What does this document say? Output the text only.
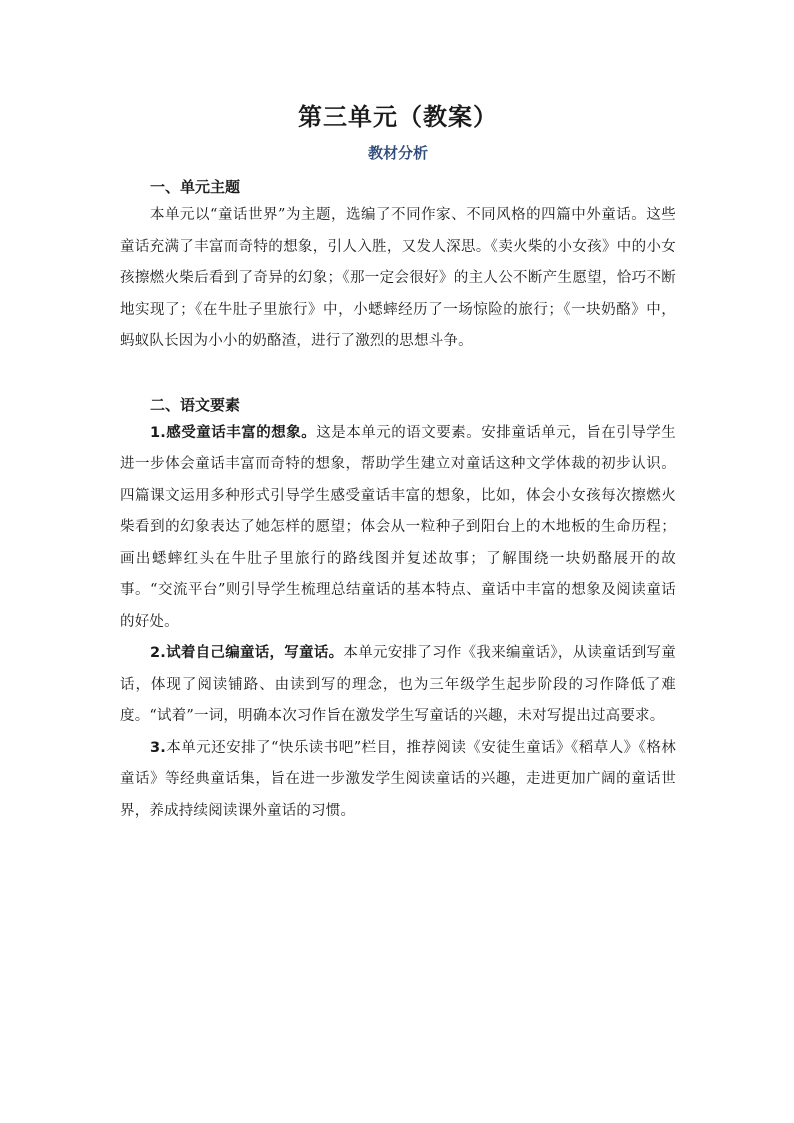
第三单元（教案）
教材分析
一、单元主题

本单元以“童话世界”为主题，选编了不同作家、不同风格的四篇中外童话。这些童话充满了丰富而奇特的想象，引人入胜，又发人深思。《卖火柴的小女孩》中的小女孩擦燃火柴后看到了奇异的幻象；《那一定会很好》的主人公不断产生愿望，恰巧不断地实现了；《在牛肚子里旅行》中，小蟋蟀经历了一场惊险的旅行；《一块奶酪》中，蚂蚁队长因为小小的奶酪渣，进行了激烈的思想斗争。

二、语文要素

1.感受童话丰富的想象。这是本单元的语文要素。安排童话单元，旨在引导学生进一步体会童话丰富而奇特的想象，帮助学生建立对童话这种文学体裁的初步认识。四篇课文运用多种形式引导学生感受童话丰富的想象，比如，体会小女孩每次擦燃火柴看到的幻象表达了她怎样的愿望；体会从一粒种子到阳台上的木地板的生命历程；画出蟋蟀红头在牛肚子里旅行的路线图并复述故事；了解围绕一块奶酪展开的故事。“交流平台”则引导学生梳理总结童话的基本特点、童话中丰富的想象及阅读童话的好处。

2.试着自己编童话，写童话。本单元安排了习作《我来编童话》，从读童话到写童话，体现了阅读铺路、由读到写的理念，也为三年级学生起步阶段的习作降低了难度。“试着”一词，明确本次习作旨在激发学生写童话的兴趣，未对写提出过高要求。

3.本单元还安排了“快乐读书吧”栏目，推荐阅读《安徒生童话》《稻草人》《格林童话》等经典童话集，旨在进一步激发学生阅读童话的兴趣，走进更加广阔的童话世界，养成持续阅读课外童话的习惯。
